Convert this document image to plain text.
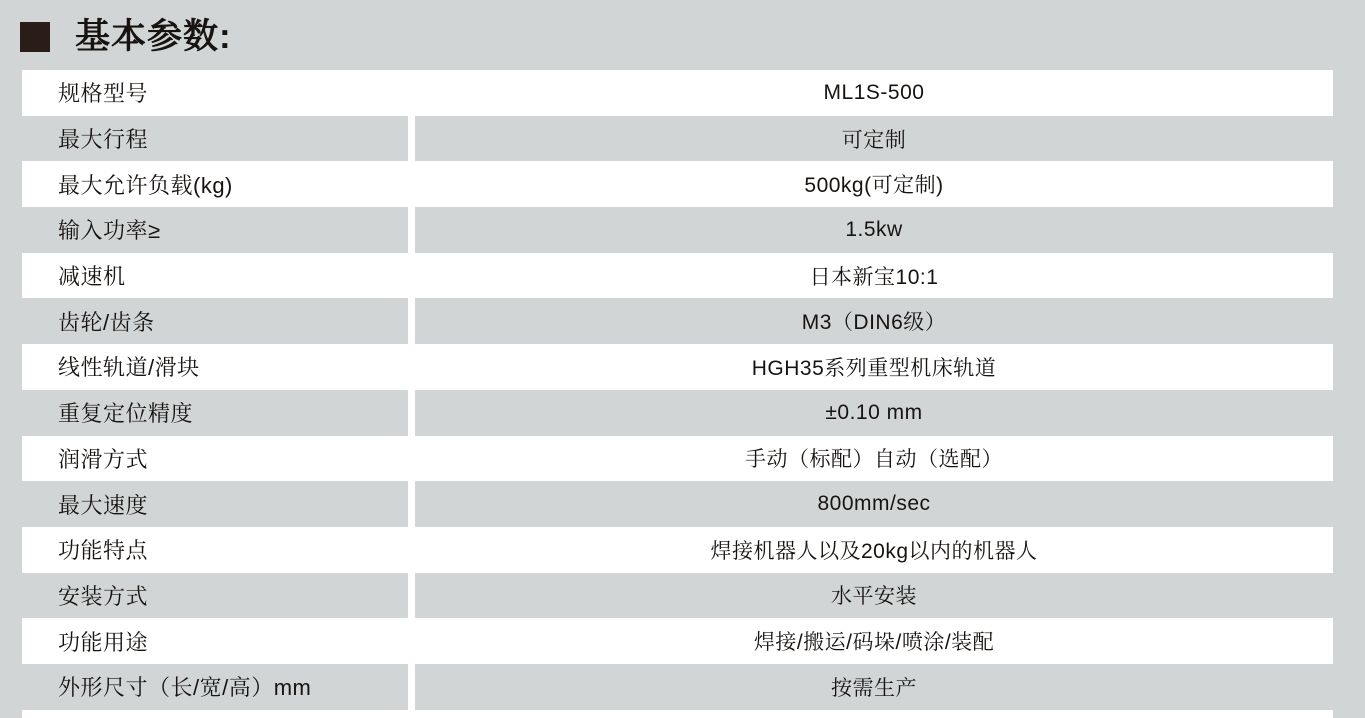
基本参数:
规格型号	ML1S-500
最大行程	可定制
最大允许负载(kg)	500kg(可定制)
输入功率≥	1.5kw
减速机	日本新宝10:1
齿轮/齿条	M3（DIN6级）
线性轨道/滑块	HGH35系列重型机床轨道
重复定位精度	±0.10 mm
润滑方式	手动（标配）自动（选配）
最大速度	800mm/sec
功能特点	焊接机器人以及20kg以内的机器人
安装方式	水平安装
功能用途	焊接/搬运/码垛/喷涂/装配
外形尺寸（长/宽/高）mm	按需生产
